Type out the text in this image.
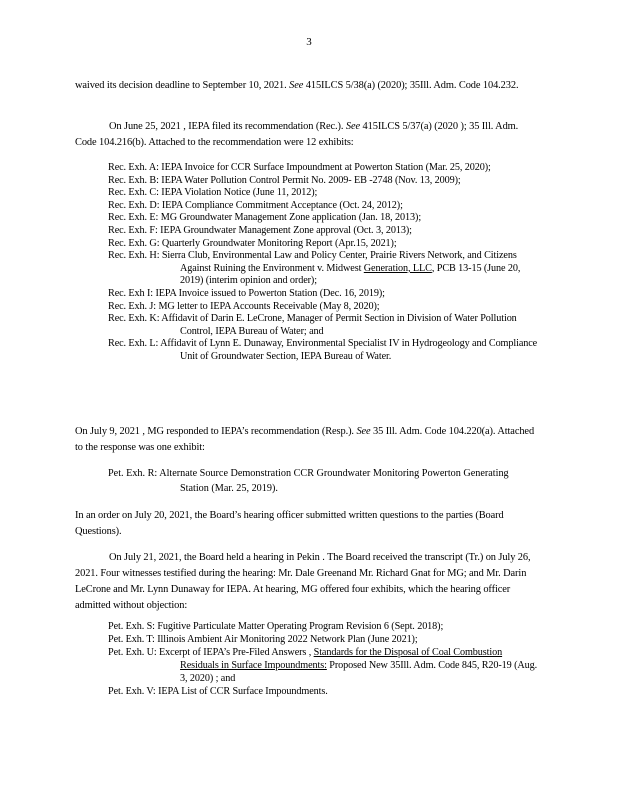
3

waived its decision deadline to September 10, 2021. See 415ILCS 5/38(a) (2020); 35Ill. Adm. Code 104.232.

On June 25, 2021 , IEPA filed its recommendation (Rec.). See 415ILCS 5/37(a) (2020 ); 35 Ill. Adm. Code 104.216(b). Attached to the recommendation were 12 exhibits:

Rec. Exh. A: IEPA Invoice for CCR Surface Impoundment at Powerton Station (Mar. 25, 2020);

Rec. Exh. B: IEPA Water Pollution Control Permit No. 2009- EB -2748 (Nov. 13, 2009);

Rec. Exh. C: IEPA Violation Notice (June 11, 2012);

Rec. Exh. D: IEPA Compliance Commitment Acceptance (Oct. 24, 2012);

Rec. Exh. E: MG Groundwater Management Zone application (Jan. 18, 2013);

Rec. Exh. F: IEPA Groundwater Management Zone approval (Oct. 3, 2013);

Rec. Exh. G: Quarterly Groundwater Monitoring Report (Apr.15, 2021);

Rec. Exh. H: Sierra Club, Environmental Law and Policy Center, Prairie Rivers Network, and Citizens Against Ruining the Environment v. Midwest Generation, LLC, PCB 13-15 (June 20, 2019) (interim opinion and order);

Rec. Exh I: IEPA Invoice issued to Powerton Station (Dec. 16, 2019);

Rec. Exh. J: MG letter to IEPA Accounts Receivable (May 8, 2020);

Rec. Exh. K: Affidavit of Darin E. LeCrone, Manager of Permit Section in Division of Water Pollution Control, IEPA Bureau of Water; and

Rec. Exh. L: Affidavit of Lynn E. Dunaway, Environmental Specialist IV in Hydrogeology and Compliance Unit of Groundwater Section, IEPA Bureau of Water.

On July 9, 2021 , MG responded to IEPA’s recommendation (Resp.). See 35 Ill. Adm. Code 104.220(a). Attached to the response was one exhibit:

Pet. Exh. R: Alternate Source Demonstration CCR Groundwater Monitoring Powerton Generating Station (Mar. 25, 2019).

In an order on July 20, 2021, the Board’s hearing officer submitted written questions to the parties (Board Questions).

On July 21, 2021, the Board held a hearing in Pekin . The Board received the transcript (Tr.) on July 26, 2021. Four witnesses testified during the hearing: Mr. Dale Greenand Mr. Richard Gnat for MG; and Mr. Darin LeCrone and Mr. Lynn Dunaway for IEPA. At hearing, MG offered four exhibits, which the hearing officer admitted without objection:

Pet. Exh. S: Fugitive Particulate Matter Operating Program Revision 6 (Sept. 2018);

Pet. Exh. T: Illinois Ambient Air Monitoring 2022 Network Plan (June 2021);

Pet. Exh. U: Excerpt of IEPA’s Pre-Filed Answers , Standards for the Disposal of Coal Combustion Residuals in Surface Impoundments: Proposed New 35Ill. Adm. Code 845, R20-19 (Aug. 3, 2020) ; and

Pet. Exh. V: IEPA List of CCR Surface Impoundments.
